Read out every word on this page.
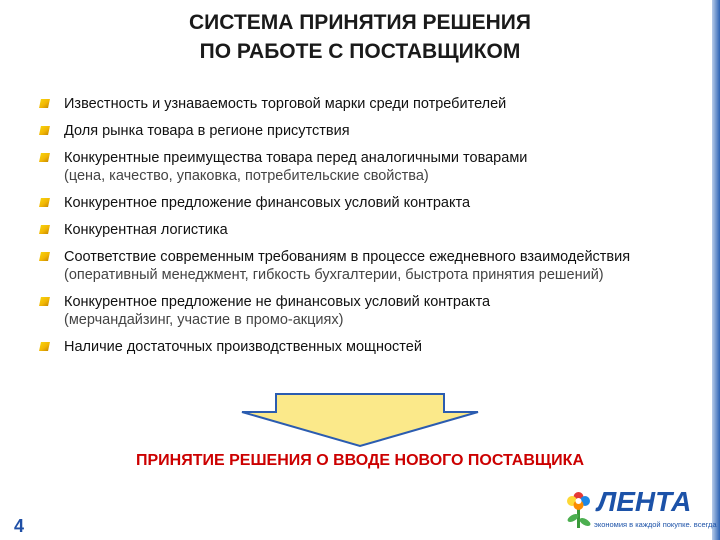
СИСТЕМА ПРИНЯТИЯ РЕШЕНИЯ
ПО РАБОТЕ С ПОСТАВЩИКОМ
Известность и узнаваемость торговой марки среди потребителей
Доля рынка товара в регионе присутствия
Конкурентные преимущества товара перед аналогичными товарами
(цена, качество, упаковка, потребительские свойства)
Конкурентное предложение финансовых условий контракта
Конкурентная логистика
Соответствие современным требованиям в процессе ежедневного взаимодействия (оперативный менеджмент, гибкость бухгалтерии, быстрота принятия решений)
Конкурентное предложение не финансовых условий контракта
(мерчандайзинг, участие в промо-акциях)
Наличие достаточных производственных мощностей
ПРИНЯТИЕ РЕШЕНИЯ О ВВОДЕ НОВОГО ПОСТАВЩИКА
4
ЛЕНТА
экономия в каждой покупке. всегда
